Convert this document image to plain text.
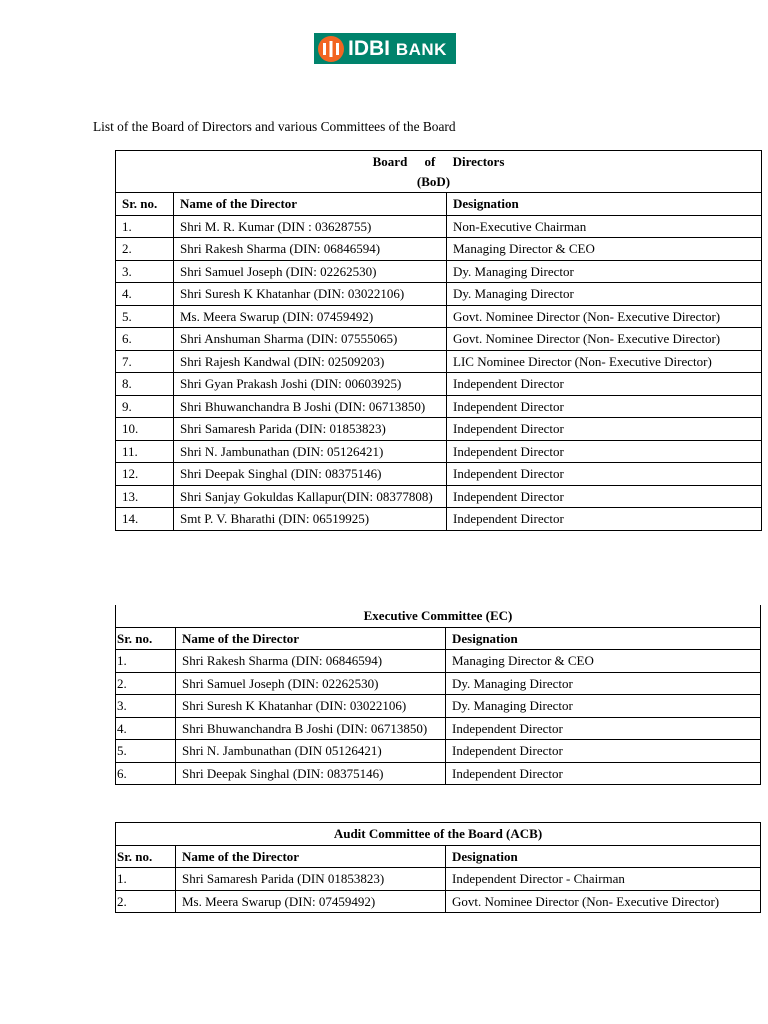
IDBI BANK
List of the Board of Directors and various Committees of the Board
Board of Directors
(BoD)		

Sr. no.	Name of the Director	Designation
1.	Shri M. R. Kumar (DIN : 03628755)	Non-Executive Chairman
2.	Shri Rakesh Sharma (DIN: 06846594)	Managing Director & CEO
3.	Shri Samuel Joseph (DIN: 02262530)	Dy. Managing Director
4.	Shri Suresh K Khatanhar (DIN: 03022106)	Dy. Managing Director
5.	Ms. Meera Swarup (DIN: 07459492)	Govt. Nominee Director (Non- Executive Director)
6.	Shri Anshuman Sharma (DIN: 07555065)	Govt. Nominee Director (Non- Executive Director)
7.	Shri Rajesh Kandwal (DIN: 02509203)	LIC Nominee Director (Non- Executive Director)
8.	Shri Gyan Prakash Joshi (DIN: 00603925)	Independent Director
9.	Shri Bhuwanchandra B Joshi (DIN: 06713850)	Independent Director
10.	Shri Samaresh Parida (DIN: 01853823)	Independent Director
11.	Shri N. Jambunathan (DIN: 05126421)	Independent Director
12.	Shri Deepak Singhal (DIN: 08375146)	Independent Director
13.	Shri Sanjay Gokuldas Kallapur(DIN: 08377808)	Independent Director
14.	Smt P. V. Bharathi (DIN: 06519925)	Independent Director
Executive Committee (EC)		
Sr. no.	Name of the Director	Designation
1.	Shri Rakesh Sharma (DIN: 06846594)	Managing Director & CEO
2.	Shri Samuel Joseph (DIN: 02262530)	Dy. Managing Director
3.	Shri Suresh K Khatanhar (DIN: 03022106)	Dy. Managing Director
4.	Shri Bhuwanchandra B Joshi (DIN: 06713850)	Independent Director
5.	Shri N. Jambunathan (DIN 05126421)	Independent Director
6.	Shri Deepak Singhal (DIN: 08375146)	Independent Director
Audit Committee of the Board (ACB)		
Sr. no.	Name of the Director	Designation
1.	Shri Samaresh Parida (DIN 01853823)	Independent Director - Chairman
2.	Ms. Meera Swarup (DIN: 07459492)	Govt. Nominee Director (Non- Executive Director)
